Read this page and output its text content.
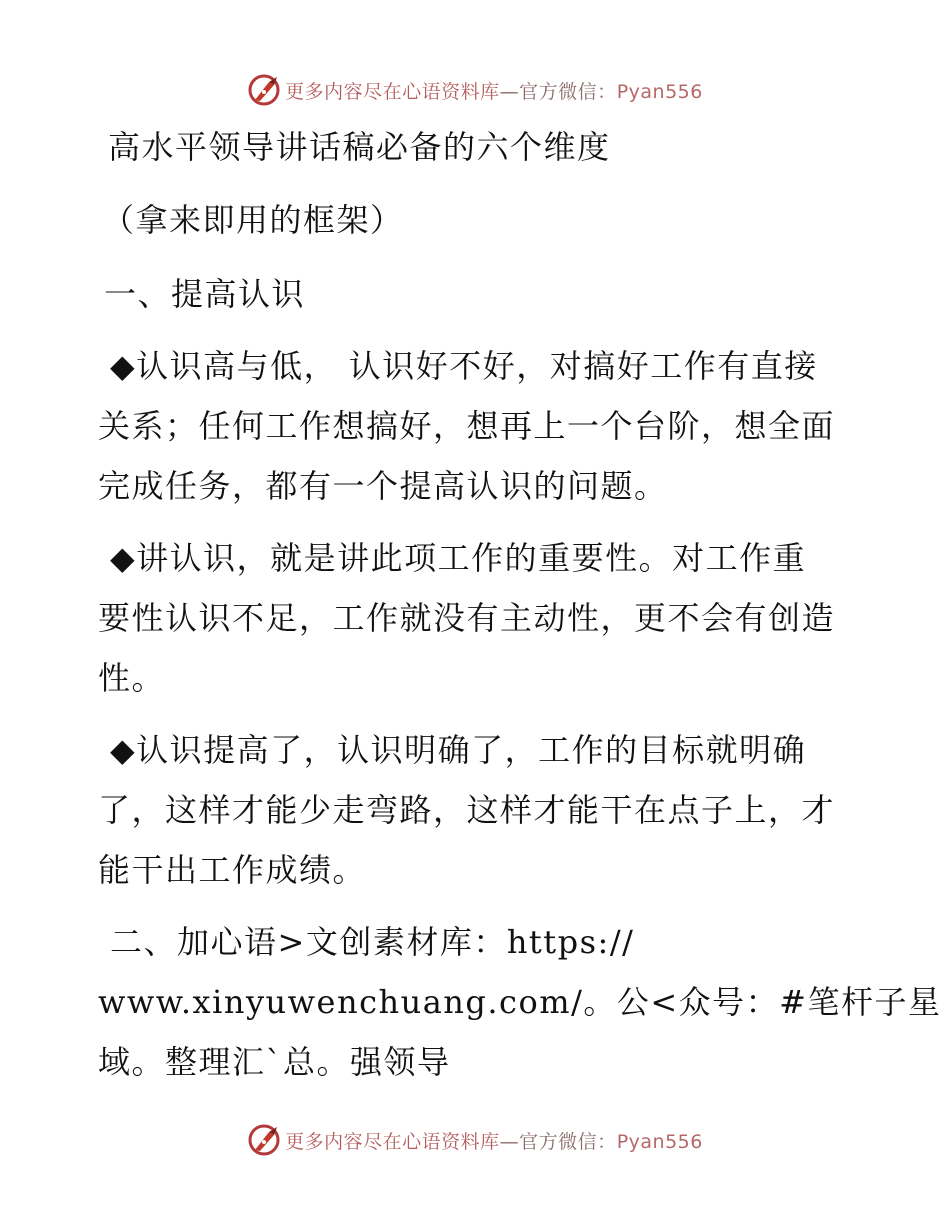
更多内容尽在心语资料库—官方微信：Pyan556
高水平领导讲话稿必备的六个维度
（拿来即用的框架）
一、提高认识
◆认识高与低， 认识好不好，对搞好工作有直接
关系；任何工作想搞好，想再上一个台阶，想全面
完成任务，都有一个提高认识的问题。
◆讲认识，就是讲此项工作的重要性。对工作重
要性认识不足，工作就没有主动性，更不会有创造
性。
◆认识提高了，认识明确了，工作的目标就明确
了，这样才能少走弯路，这样才能干在点子上，才
能干出工作成绩。
二、加心语>文创素材库：https://
www.xinyuwenchuang.com/。公<众号：#笔杆子星
域。整理汇`总。强领导
更多内容尽在心语资料库—官方微信：Pyan556
